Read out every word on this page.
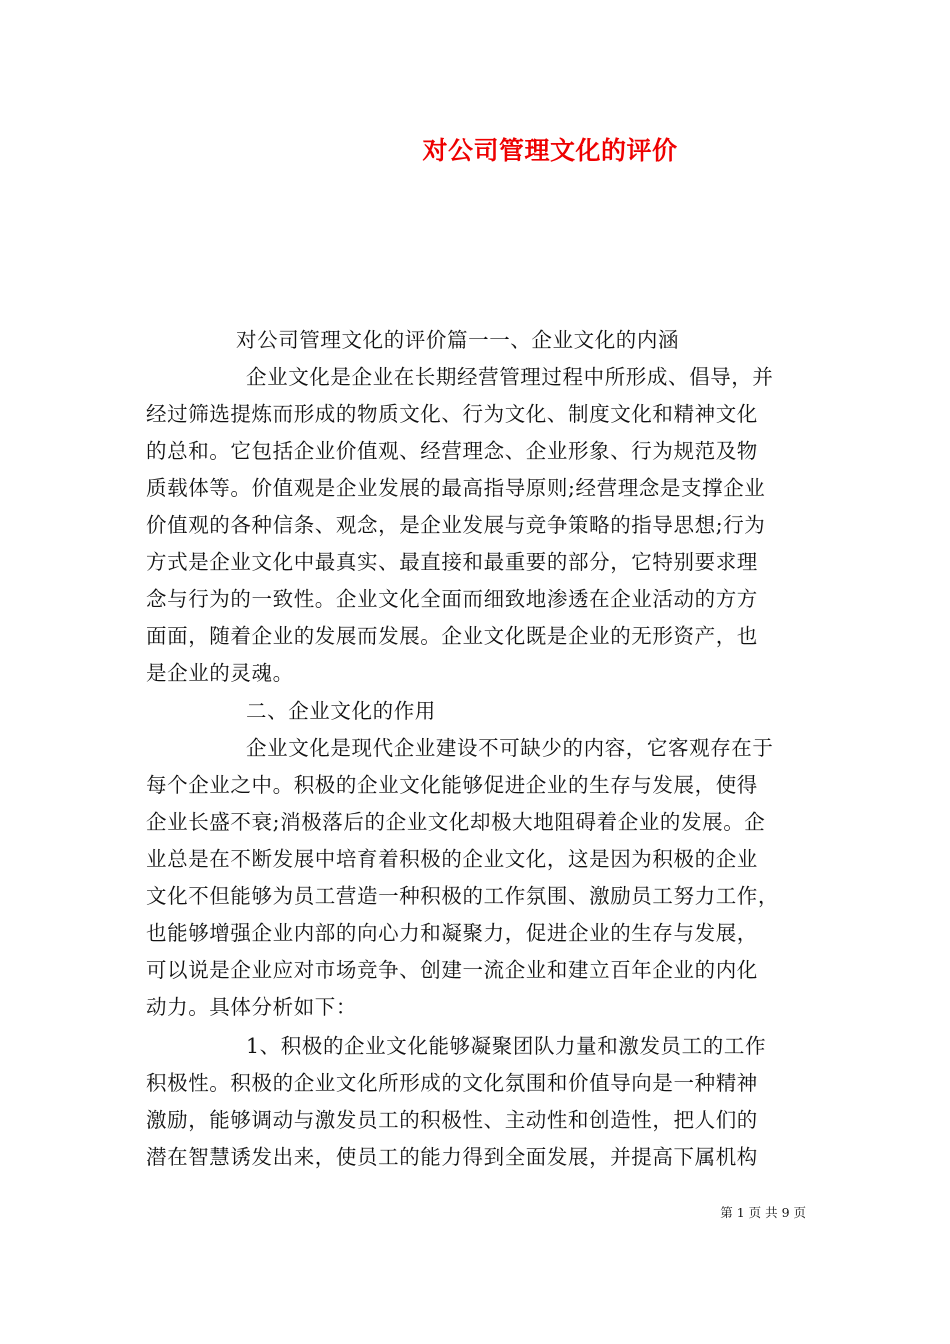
对公司管理文化的评价
对公司管理文化的评价篇一一、企业文化的内涵
企业文化是企业在长期经营管理过程中所形成、倡导，并
经过筛选提炼而形成的物质文化、行为文化、制度文化和精神文化
的总和。它包括企业价值观、经营理念、企业形象、行为规范及物
质载体等。价值观是企业发展的最高指导原则;经营理念是支撑企业
价值观的各种信条、观念，是企业发展与竞争策略的指导思想;行为
方式是企业文化中最真实、最直接和最重要的部分，它特别要求理
念与行为的一致性。企业文化全面而细致地渗透在企业活动的方方
面面，随着企业的发展而发展。企业文化既是企业的无形资产，也
是企业的灵魂。
二、企业文化的作用
企业文化是现代企业建设不可缺少的内容，它客观存在于
每个企业之中。积极的企业文化能够促进企业的生存与发展，使得
企业长盛不衰;消极落后的企业文化却极大地阻碍着企业的发展。企
业总是在不断发展中培育着积极的企业文化，这是因为积极的企业
文化不但能够为员工营造一种积极的工作氛围、激励员工努力工作，
也能够增强企业内部的向心力和凝聚力，促进企业的生存与发展，
可以说是企业应对市场竞争、创建一流企业和建立百年企业的内化
动力。具体分析如下：
1、积极的企业文化能够凝聚团队力量和激发员工的工作
积极性。积极的企业文化所形成的文化氛围和价值导向是一种精神
激励，能够调动与激发员工的积极性、主动性和创造性，把人们的
潜在智慧诱发出来，使员工的能力得到全面发展，并提高下属机构
第 1 页 共 9 页
